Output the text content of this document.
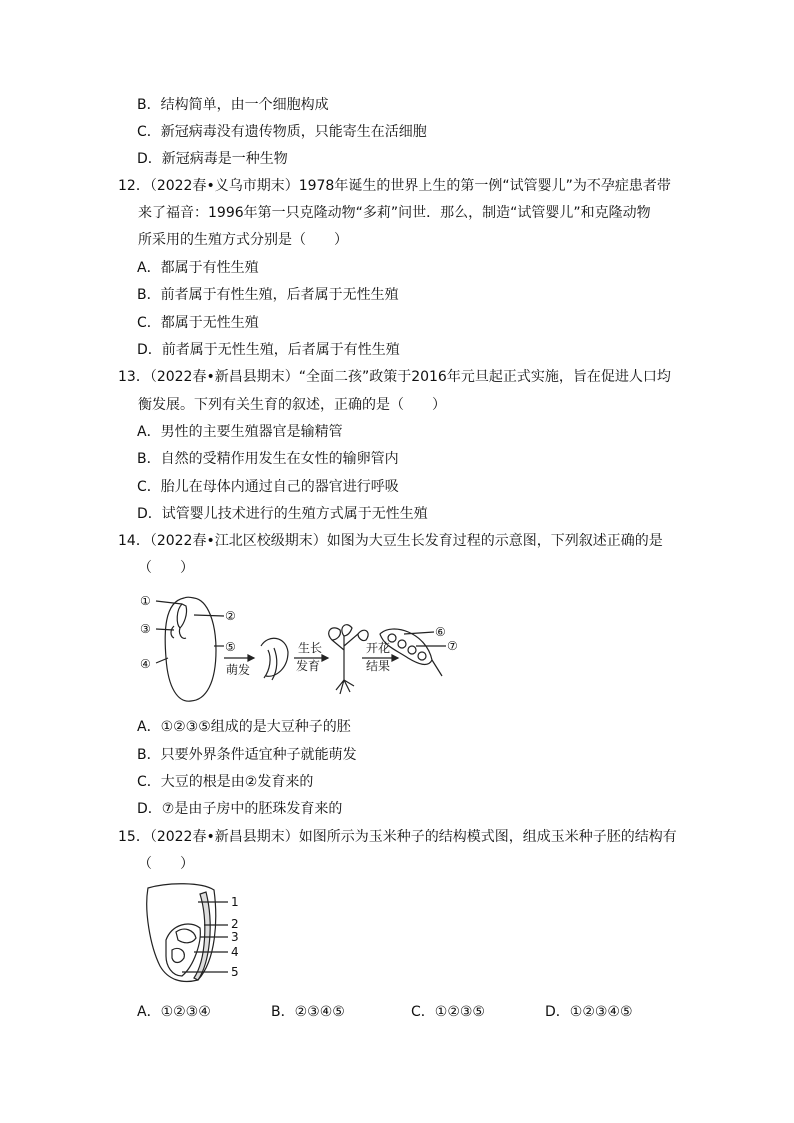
B．结构简单，由一个细胞构成
C．新冠病毒没有遗传物质，只能寄生在活细胞
D．新冠病毒是一种生物
12．（2022春•义乌市期末）1978年诞生的世界上生的第一例“试管婴儿”为不孕症患者带
来了福音：1996年第一只克隆动物“多莉”问世．那么，制造“试管婴儿”和克隆动物
所采用的生殖方式分别是（　　）
A．都属于有性生殖
B．前者属于有性生殖，后者属于无性生殖
C．都属于无性生殖
D．前者属于无性生殖，后者属于有性生殖
13．（2022春•新昌县期末）“全面二孩”政策于2016年元旦起正式实施，旨在促进人口均
衡发展。下列有关生育的叙述，正确的是（　　）
A．男性的主要生殖器官是输精管
B．自然的受精作用发生在女性的输卵管内
C．胎儿在母体内通过自己的器官进行呼吸
D．试管婴儿技术进行的生殖方式属于无性生殖
14．（2022春•江北区校级期末）如图为大豆生长发育过程的示意图，下列叙述正确的是
（　　）
①
②
③
④
⑤
⑥
⑦
萌发
生长
发育
开花
结果
A．①②③⑤组成的是大豆种子的胚
B．只要外界条件适宜种子就能萌发
C．大豆的根是由②发育来的
D．⑦是由子房中的胚珠发育来的
15．（2022春•新昌县期末）如图所示为玉米种子的结构模式图，组成玉米种子胚的结构有
（　　）
1
2
3
4
5
A．①②③④	B．②③④⑤	C．①②③⑤	D．①②③④⑤
